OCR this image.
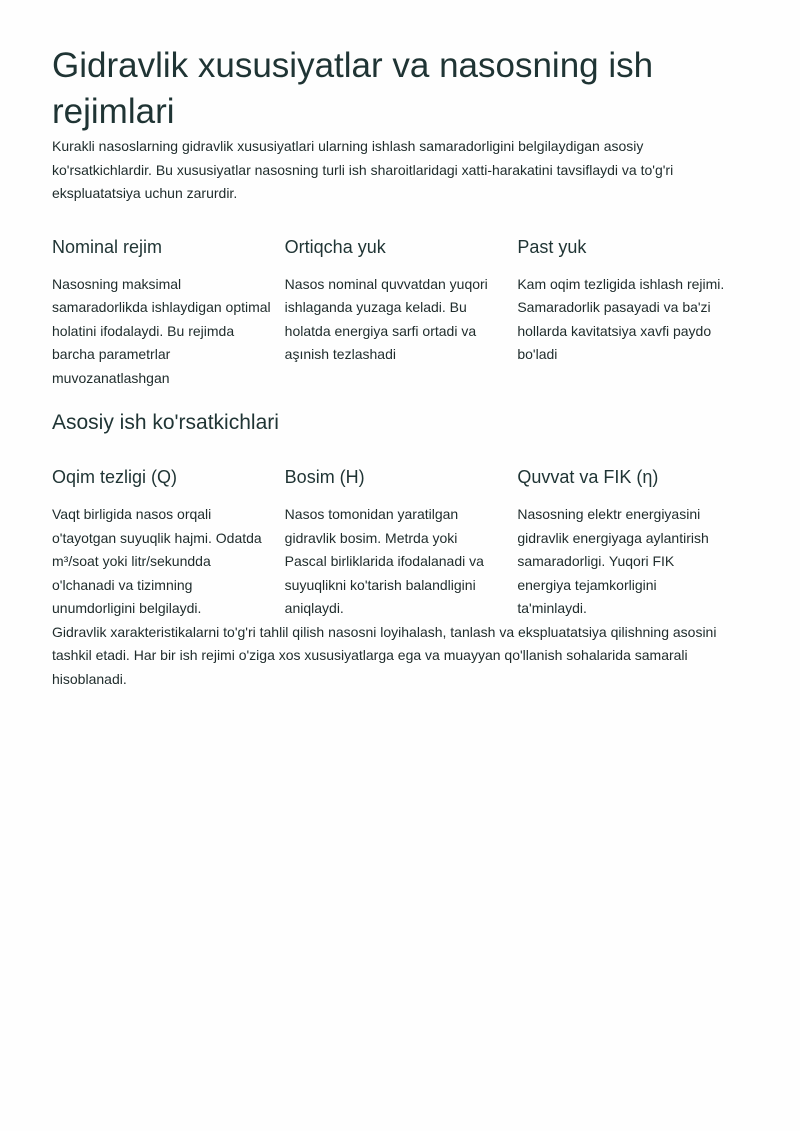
Gidravlik xususiyatlar va nasosning ish rejimlari

Kurakli nasoslarning gidravlik xususiyatlari ularning ishlash samaradorligini belgilaydigan asosiy ko'rsatkichlardir. Bu xususiyatlar nasosning turli ish sharoitlaridagi xatti-harakatini tavsiflaydi va to'g'ri ekspluatatsiya uchun zarurdir.

Nominal rejim

Nasosning maksimal samaradorlikda ishlaydigan optimal holatini ifodalaydi. Bu rejimda barcha parametrlar muvozanatlashgan

Ortiqcha yuk

Nasos nominal quvvatdan yuqori ishlaganda yuzaga keladi. Bu holatda energiya sarfi ortadi va aşınish tezlashadi

Past yuk

Kam oqim tezligida ishlash rejimi. Samaradorlik pasayadi va ba'zi hollarda kavitatsiya xavfi paydo bo'ladi

Asosiy ish ko'rsatkichlari
Oqim tezligi (Q)

Vaqt birligida nasos orqali o'tayotgan suyuqlik hajmi. Odatda m³/soat yoki litr/sekundda o'lchanadi va tizimning unumdorligini belgilaydi.

Bosim (H)

Nasos tomonidan yaratilgan gidravlik bosim. Metrda yoki Pascal birliklarida ifodalanadi va suyuqlikni ko'tarish balandligini aniqlaydi.

Quvvat va FIK (η)

Nasosning elektr energiyasini gidravlik energiyaga aylantirish samaradorligi. Yuqori FIK energiya tejamkorligini ta'minlaydi.

Gidravlik xarakteristikalarni to'g'ri tahlil qilish nasosni loyihalash, tanlash va ekspluatatsiya qilishning asosini tashkil etadi. Har bir ish rejimi o'ziga xos xususiyatlarga ega va muayyan qo'llanish sohalarida samarali hisoblanadi.
